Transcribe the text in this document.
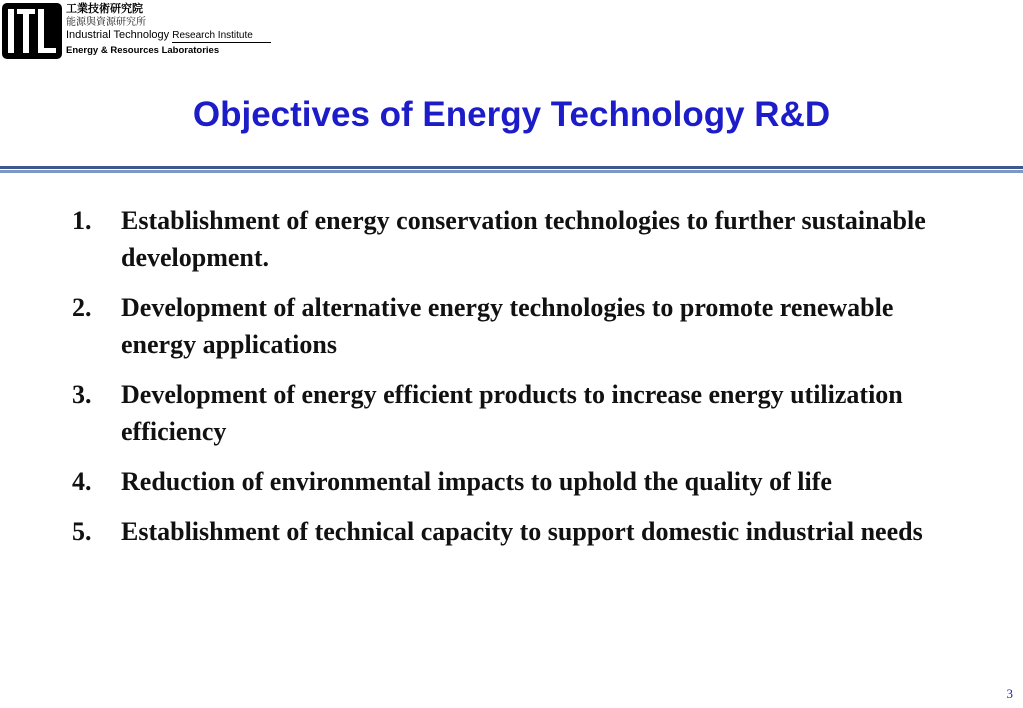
工業技術研究院
能源與資源研究所
Industrial Technology Research Institute
Energy & Resources Laboratories
Objectives of Energy Technology R&D
1. Establishment of energy conservation technologies to further sustainable development.
2. Development of alternative energy technologies to promote renewable energy applications
3. Development of energy efficient products to increase energy utilization efficiency
4. Reduction of environmental impacts to uphold the quality of life
5. Establishment of technical capacity to support domestic industrial needs
3
